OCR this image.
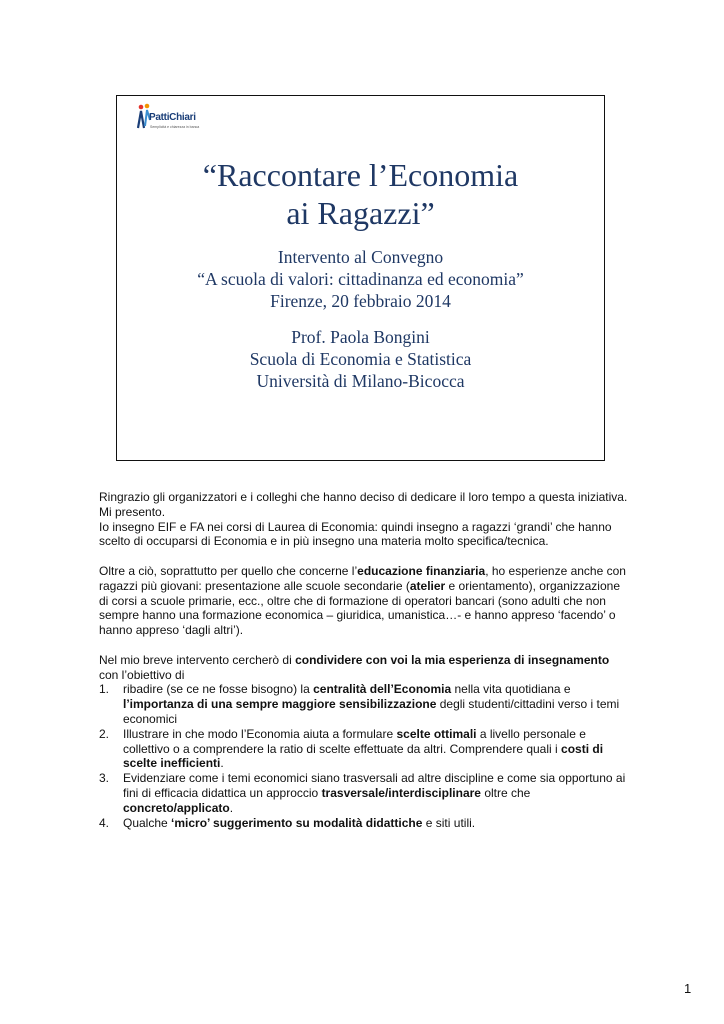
PattiChiari
Semplicità e chiarezza in banca
“Raccontare l’Economia
ai Ragazzi”
Intervento al Convegno
“A scuola di valori: cittadinanza ed economia”
Firenze, 20 febbraio 2014
Prof. Paola Bongini
Scuola di Economia e Statistica
Università di Milano-Bicocca

Ringrazio gli organizzatori e i colleghi che hanno deciso di dedicare il loro tempo a questa iniziativa.

Mi presento.

Io insegno EIF e FA nei corsi di Laurea di Economia: quindi insegno a ragazzi ‘grandi’ che hanno scelto di occuparsi di Economia e in più insegno una materia molto specifica/tecnica.

Oltre a ciò, soprattutto per quello che concerne l’educazione finanziaria, ho esperienze anche con ragazzi più giovani: presentazione alle scuole secondarie (atelier e orientamento), organizzazione di corsi a scuole primarie, ecc., oltre che di formazione di operatori bancari (sono adulti che non sempre hanno una formazione economica – giuridica, umanistica…- e hanno appreso ‘facendo’ o hanno appreso ‘dagli altri’).

Nel mio breve intervento cercherò di condividere con voi la mia esperienza di insegnamento con l’obiettivo di

1. ribadire (se ce ne fosse bisogno) la centralità dell’Economia nella vita quotidiana e l’importanza di una sempre maggiore sensibilizzazione degli studenti/cittadini verso i temi economici
2. Illustrare in che modo l’Economia aiuta a formulare scelte ottimali a livello personale e collettivo o a comprendere la ratio di scelte effettuate da altri. Comprendere quali i costi di scelte inefficienti.
3. Evidenziare come i temi economici siano trasversali ad altre discipline e come sia opportuno ai fini di efficacia didattica un approccio trasversale/interdisciplinare oltre che concreto/applicato.
4. Qualche ‘micro’ suggerimento su modalità didattiche e siti utili.
1
